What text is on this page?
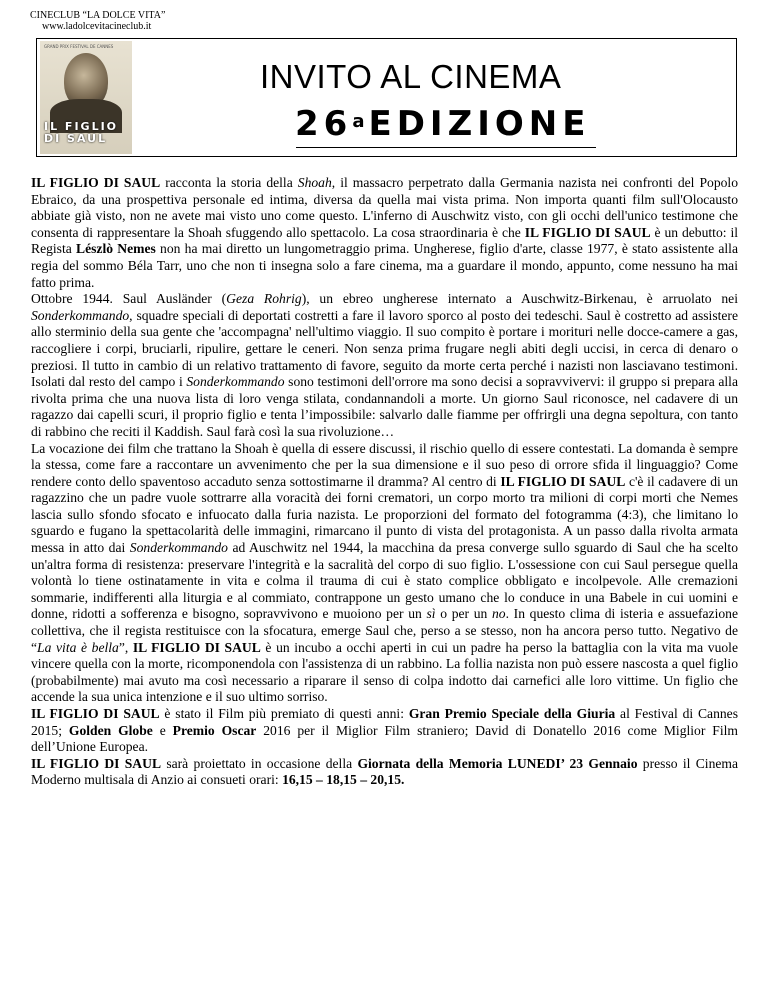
CINECLUB “LA DOLCE VITA”
www.ladolcevitacineclub.it
GRAND PRIX FESTIVAL DE CANNES
IL FIGLIO
DI SAUL
INVITO AL CINEMA
26$^a$ EDIZIONE

IL FIGLIO DI SAUL racconta la storia della Shoah, il massacro perpetrato dalla Germania nazista nei confronti del Popolo Ebraico, da una prospettiva personale ed intima, diversa da quella mai vista prima. Non importa quanti film sull'Olocausto abbiate già visto, non ne avete mai visto uno come questo. L'inferno di Auschwitz visto, con gli occhi dell'unico testimone che consenta di rappresentare la Shoah sfuggendo allo spettacolo. La cosa straordinaria è che IL FIGLIO DI SAUL è un debutto: il Regista Lészlò Nemes non ha mai diretto un lungometraggio prima. Ungherese, figlio d'arte, classe 1977, è stato assistente alla regia del sommo Béla Tarr, uno che non ti insegna solo a fare cinema, ma a guardare il mondo, appunto, come nessuno ha mai fatto prima.

Ottobre 1944. Saul Ausländer (Geza Rohrig), un ebreo ungherese internato a Auschwitz-Birkenau, è arruolato nei Sonderkommando, squadre speciali di deportati costretti a fare il lavoro sporco al posto dei tedeschi. Saul è costretto ad assistere allo sterminio della sua gente che 'accompagna' nell'ultimo viaggio. Il suo compito è portare i morituri nelle docce-camere a gas, raccogliere i corpi, bruciarli, ripulire, gettare le ceneri. Non senza prima frugare negli abiti degli uccisi, in cerca di denaro o preziosi. Il tutto in cambio di un relativo trattamento di favore, seguito da morte certa perché i nazisti non lasciavano testimoni. Isolati dal resto del campo i Sonderkommando sono testimoni dell'orrore ma sono decisi a sopravvivervi: il gruppo si prepara alla rivolta prima che una nuova lista di loro venga stilata, condannandoli a morte. Un giorno Saul riconosce, nel cadavere di un ragazzo dai capelli scuri, il proprio figlio e tenta l’impossibile: salvarlo dalle fiamme per offrirgli una degna sepoltura, con tanto di rabbino che reciti il Kaddish. Saul farà così la sua rivoluzione…

La vocazione dei film che trattano la Shoah è quella di essere discussi, il rischio quello di essere contestati. La domanda è sempre la stessa, come fare a raccontare un avvenimento che per la sua dimensione e il suo peso di orrore sfida il linguaggio? Come rendere conto dello spaventoso accaduto senza sottostimarne il dramma? Al centro di IL FIGLIO DI SAUL c'è il cadavere di un ragazzino che un padre vuole sottrarre alla voracità dei forni crematori, un corpo morto tra milioni di corpi morti che Nemes lascia sullo sfondo sfocato e infuocato dalla furia nazista. Le proporzioni del formato del fotogramma (4:3), che limitano lo sguardo e fugano la spettacolarità delle immagini, rimarcano il punto di vista del protagonista. A un passo dalla rivolta armata messa in atto dai Sonderkommando ad Auschwitz nel 1944, la macchina da presa converge sullo sguardo di Saul che ha scelto un'altra forma di resistenza: preservare l'integrità e la sacralità del corpo di suo figlio. L'ossessione con cui Saul persegue quella volontà lo tiene ostinatamente in vita e colma il trauma di cui è stato complice obbligato e incolpevole. Alle cremazioni sommarie, indifferenti alla liturgia e al commiato, contrappone un gesto umano che lo conduce in una Babele in cui uomini e donne, ridotti a sofferenza e bisogno, sopravvivono e muoiono per un sì o per un no. In questo clima di isteria e assuefazione collettiva, che il regista restituisce con la sfocatura, emerge Saul che, perso a se stesso, non ha ancora perso tutto. Negativo de “La vita è bella”, IL FIGLIO DI SAUL è un incubo a occhi aperti in cui un padre ha perso la battaglia con la vita ma vuole vincere quella con la morte, ricomponendola con l'assistenza di un rabbino. La follia nazista non può essere nascosta a quel figlio (probabilmente) mai avuto ma così necessario a riparare il senso di colpa indotto dai carnefici alle loro vittime. Un figlio che accende la sua unica intenzione e il suo ultimo sorriso.

IL FIGLIO DI SAUL è stato il Film più premiato di questi anni: Gran Premio Speciale della Giuria al Festival di Cannes 2015; Golden Globe e Premio Oscar 2016 per il Miglior Film straniero; David di Donatello 2016 come Miglior Film dell’Unione Europea.

IL FIGLIO DI SAUL sarà proiettato in occasione della Giornata della Memoria LUNEDI’ 23 Gennaio presso il Cinema Moderno multisala di Anzio ai consueti orari: 16,15 – 18,15 – 20,15.
